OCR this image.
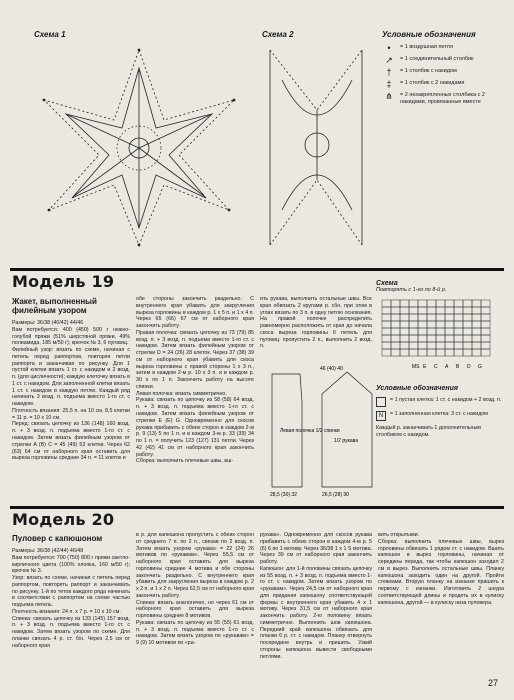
Схема 1	Схема 2	Условные обозначения
•	= 1 воздушная петля
↗	= 1 соединительный столбик
†	= 1 столбик с накидом
‡	= 1 столбик с 2 накидами
⋔	= 2 незакрепленных столбика с 2 накидами, провязанные вместе
Модель 19
Жакет, выполненный филейным узором
Размеры: 36/38 (40/42) 44/46
Вам потребуется: 400 (450) 500 г нежно-голубой пряжи (51% шерстяной пряжи, 49% полиамида, 185 м/50 г); крючок № 3, 6 пуговиц.
Филейный узор: вязать по схеме, начиная с петель перед раппортом, повторяя петли раппорта и заканчивая по рисунку. Для 1 пустой клетки вязать 1 ст. с накидом и 2 возд. п. (для цисличности); каждую клеточку вязать в 1 ст. с накидом. Для заполненной клетки вязать 1 ст. с накидом в каждую петлю. Каждый ряд начинать 3 возд. п. подъема вместо 1-го ст. с накидом.
Плотность вязания: 25,5 п. на 10 см, 8,5 клетки = 11 р. = 10 х 10 см.
Перед: связать цепочку из 136 (148) 160 возд. п. + 3 возд. п. подъема вместо 1-го ст. с накидом. Затем вязать филейным узором от стрелки A (B) C = 45 (49) 53 клетки. Через 62 (63) 64 см от наборного края оставить для выреза горловины средние 34 п. = 11 клеток и
обе стороны закончить раздельно. С внутреннего края убавить для закругления выреза горловины в каждом р. 1 х 5 п. и 1 х 4 п. Через 65 (66) 67 см от наборного края закончить работу.
Правая полочка: связать цепочку из 73 (79) 85 возд. п. + 3 возд. п. подъема вместо 1-го ст. с накидом. Затем вязать филейным узором от стрелки D = 24 (26) 28 клеток. Через 37 (38) 39 см от наборного края убавить для скоса выреза горловины с правой стороны 1 х 3 п., затем в каждом 2-м р. 10 х 3 п. и в каждом р. 30 х по 1 п. Закончить работу на высоте спинки.
Левая полочка: вязать симметрично.
Рукава: связать по цепочку из 58 (58) 64 возд. п. + 3 возд. п. подъема вместо 1-го ст. с накидом. Затем вязать филейным узором от стрелки E (E) G. Одновременно для скосов рукава прибавить с обеих сторон в каждом 2-м р. 9 (13) 5 по 1 п. и в каждом 3-м р. 33 (39) 34 по 1 п. = получить 123 (127) 131 петли. Через 42 (42) 41 см от наборного края закончить работу.
Сборка: выполнить плечевые швы, вш-
ить рукава, выполнить остальные швы. Все края обвязать 2 кругами р. сбн, при этом в углах вязать по 3 п. в одну петлю основания. На правой полочке распределить равномерно расположить от края до начала скоса выреза горловины 6 петель для пуговиц: пропустить 2 п., выполнить 2 возд. п.
Левая полочка 1/2 спинки
1/2 рукава
28,5 (30) 32	26,5 (28) 30
46 (40) 40
Схема
Повторять с 1-го по 8-й р.
MS E C A B D G
Условные обозначения
= 1 пустая клетка: 1 ст. с накидом + 2 возд. п.
N	= 1 заполненная клетка: 3 ст. с накидом
Каждый р. заканчивать 1 дополнительным столбиком с накидом.
Модель 20
Пуловер с капюшоном
Размеры: 36/38 (42/44) 46/48
Вам потребуется: 700 (750) 800 г пряжи светло-кирпичного цвета (100% хлопка, 160 м/50 г); крючок № 3.
Узор: вязать по схеме, начиная с петель перед раппортом, повторять раппорт и заканчивать по рисунку. 1-й по тетов каждого ряда начинать в соответствии с раппортом на схеме частью подъема петель.
Плотность вязания: 24 п. х 7 р. = 10 х 10 см.
Спинка: связать цепочку из 133 (145) 157 возд. п. + 3 возд. п. подъема вместо 1-го ст. с накидом. Затем вязать узором по схеме. Для планки связать 4 р. ст. б/н. Через 2,5 см от наборного края
в р. для капюшона пропустить с обеих сторон от среднего 7 п. по 2 п., связав по 2 возд. п. Затем вязать узором «рукава» = 22 (24) 26 мотивов по «рукавам». Через 55,5 см от наборного края оставить для выреза горловины средние 4 мотива и обе стороны закончить раздельно. С внутреннего края убавить для закругления выреза в каждом р. 2 х 2 п. и 1 х 2 п. Через 62,5 см от наборного края закончить работу.
Спинка: вязать аналогично, но через 61 см от наборного края оставить для выреза горловины средние 8 мотивов.
Рукава: связать по цепочку из 55 (55) 61 возд. п. + 3 возд. п. подъема вместо 1-го ст. с накидом. Затем вязать узором по «рукавам» = 9 (9) 10 мотивов по «ра-
рукава». Одновременно для скосов рукава прибавить с обеих сторон в каждом 4-м р. 5 (6) 6 по 1 мотиву. Через 36/38 1 х 1 S мотива. Через 39 см от наборного края закончить работу.
Капюшон: для 1-й половины связать цепочку из 55 возд. п. + 3 возд. п. подъема вместо 1-го ст. с накидом. Затем вязать узором по «рукавам». Через 24,5 см от наборного края для придания капюшону соответствующей формы с внутреннего края убавить 4 х 1 мотиву. Через 31,5 см от наборного края закончить работу. 2-ю половину вязать симметрично. Выполнить шов капюшона. Передний край капюшона обвязать для планки 6 р. ст. с накидом. Планку отвернуть посередине внутрь и пришить. Узкий стороны капюшона вывести свободными петлями.
вить открытыми.
Сборка: выполнить плечевые швы, вырез горловины обвязать 1 рядом ст. с накидом. Вшить капюшон в вырез горловины, начиная от середины переда, так чтобы капюшон заходил 2 см в вырез. Выполнить остальные швы. Планку капюшона заходить один на другой. Пройти стежками. Вторую планку на изнанке пришить к первому с изнанки. Изготовить 2 шнура соответствующей длины и продеть их в кулиску капюшона, другой — в кулиску низа пуловера.
27
